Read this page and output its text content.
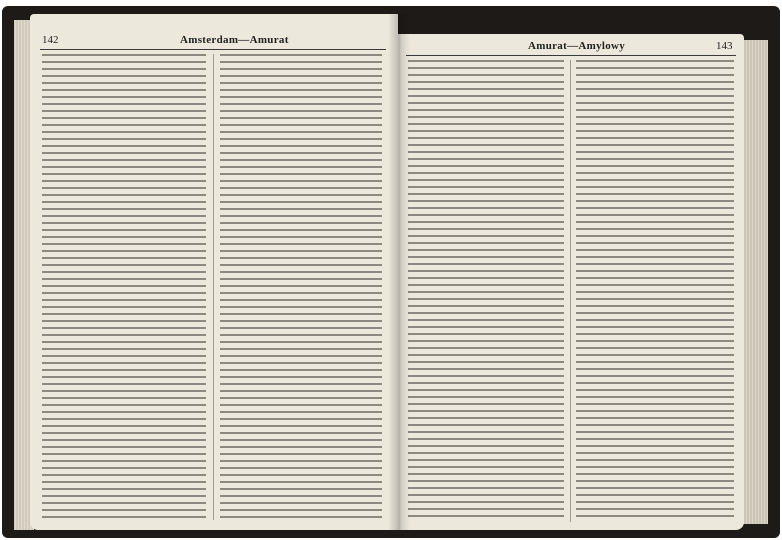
142	Amsterdam—Amurat	Amurat—Amylowy	143
